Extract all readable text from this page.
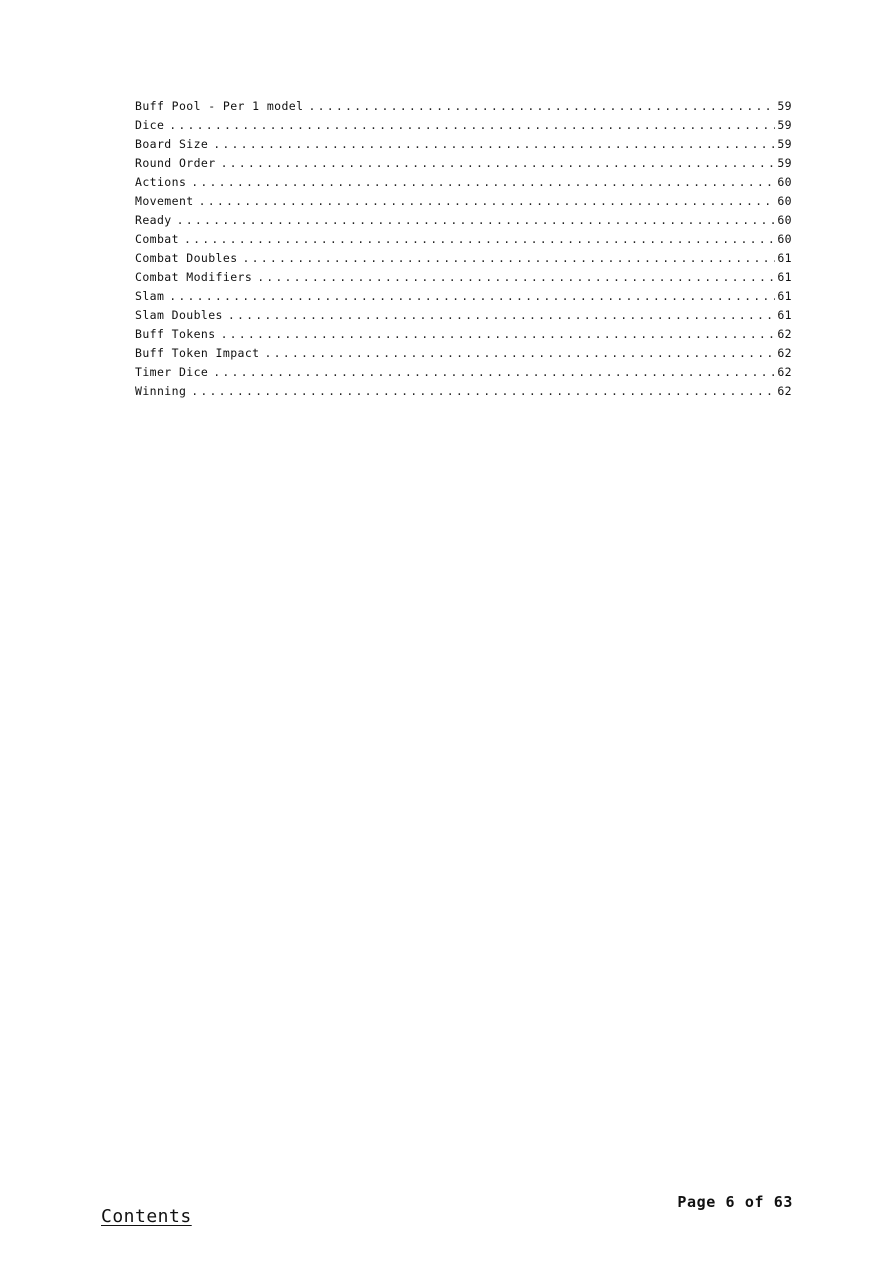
Buff Pool - Per 1 model .....	59
Dice .....	59
Board Size .....	59
Round Order .....	59
Actions .....	60
Movement .....	60
Ready .....	60
Combat .....	60
Combat Doubles .....	61
Combat Modifiers .....	61
Slam .....	61
Slam Doubles .....	61
Buff Tokens .....	62
Buff Token Impact .....	62
Timer Dice .....	62
Winning .....	62
Page 6 of 63
Contents
